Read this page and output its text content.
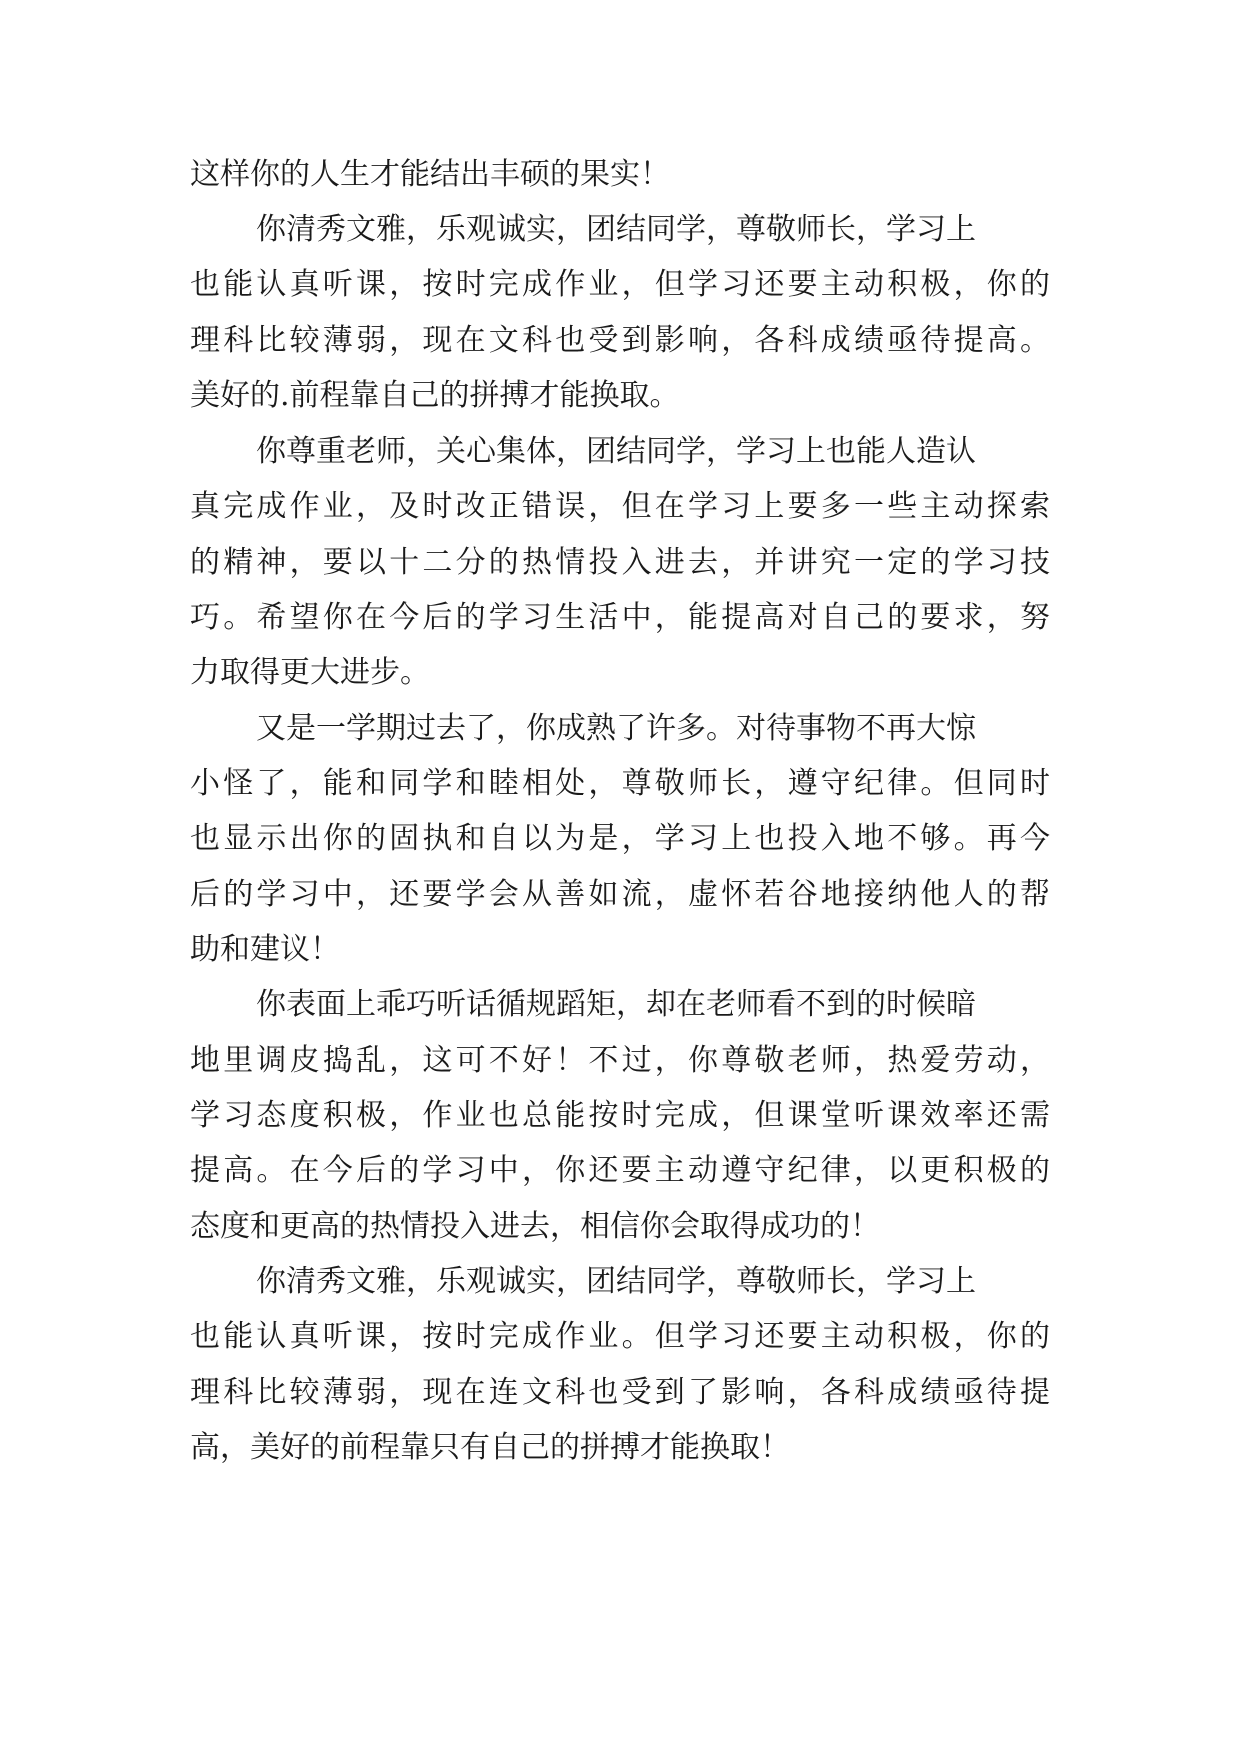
这样你的人生才能结出丰硕的果实！
你清秀文雅，乐观诚实，团结同学，尊敬师长，学习上
也能认真听课，按时完成作业，但学习还要主动积极，你的
理科比较薄弱，现在文科也受到影响，各科成绩亟待提高。
美好的.前程靠自己的拼搏才能换取。
你尊重老师，关心集体，团结同学，学习上也能人造认
真完成作业，及时改正错误，但在学习上要多一些主动探索
的精神，要以十二分的热情投入进去，并讲究一定的学习技
巧。希望你在今后的学习生活中，能提高对自己的要求，努
力取得更大进步。
又是一学期过去了，你成熟了许多。对待事物不再大惊
小怪了，能和同学和睦相处，尊敬师长，遵守纪律。但同时
也显示出你的固执和自以为是，学习上也投入地不够。再今
后的学习中，还要学会从善如流，虚怀若谷地接纳他人的帮
助和建议！
你表面上乖巧听话循规蹈矩，却在老师看不到的时候暗
地里调皮捣乱，这可不好！不过，你尊敬老师，热爱劳动，
学习态度积极，作业也总能按时完成，但课堂听课效率还需
提高。在今后的学习中，你还要主动遵守纪律，以更积极的
态度和更高的热情投入进去，相信你会取得成功的！
你清秀文雅，乐观诚实，团结同学，尊敬师长，学习上
也能认真听课，按时完成作业。但学习还要主动积极，你的
理科比较薄弱，现在连文科也受到了影响，各科成绩亟待提
高，美好的前程靠只有自己的拼搏才能换取！
